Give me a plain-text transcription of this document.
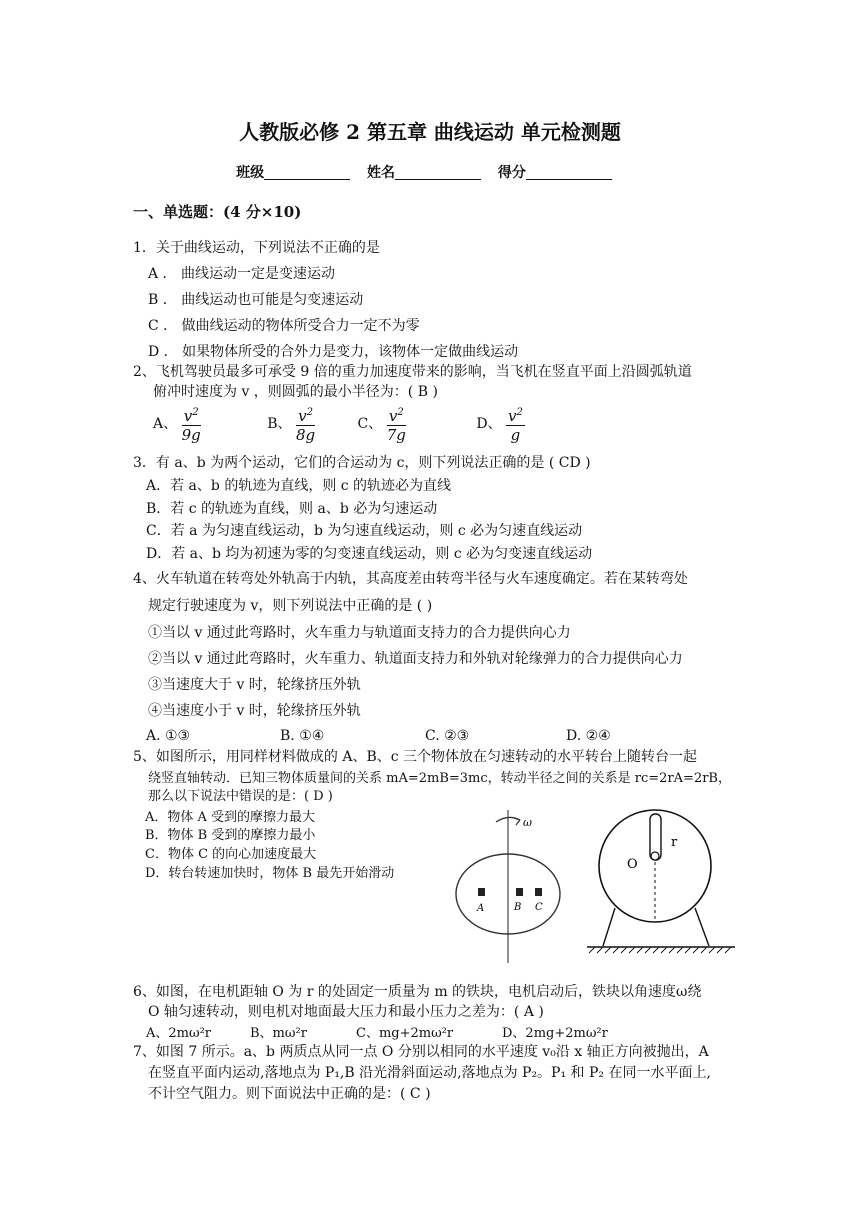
人教版必修 2 第五章 曲线运动 单元检测题
班级	姓名	得分
一、单选题：(4 分×10)
1．关于曲线运动，下列说法不正确的是
A ． 曲线运动一定是变速运动
B ． 曲线运动也可能是匀变速运动
C ． 做曲线运动的物体所受合力一定不为零
D ． 如果物体所受的合外力是变力，该物体一定做曲线运动
2、飞机驾驶员最多可承受 9 倍的重力加速度带来的影响，当飞机在竖直平面上沿圆弧轨道
俯冲时速度为 v ，则圆弧的最小半径为：( B )
A、 $\frac{v^2}{9g}$	B、 $\frac{v^2}{8g}$	C、 $\frac{v^2}{7g}$	D、 $\frac{v^2}{g}$
3．有 a、b 为两个运动，它们的合运动为 c，则下列说法正确的是 ( CD )
A．若 a、b 的轨迹为直线，则 c 的轨迹必为直线
B．若 c 的轨迹为直线，则 a、b 必为匀速运动
C．若 a 为匀速直线运动，b 为匀速直线运动，则 c 必为匀速直线运动
D．若 a、b 均为初速为零的匀变速直线运动，则 c 必为匀变速直线运动
4、火车轨道在转弯处外轨高于内轨，其高度差由转弯半径与火车速度确定。若在某转弯处
规定行驶速度为 v，则下列说法中正确的是 ( )
①当以 v 通过此弯路时，火车重力与轨道面支持力的合力提供向心力
②当以 v 通过此弯路时，火车重力、轨道面支持力和外轨对轮缘弹力的合力提供向心力
③当速度大于 v 时，轮缘挤压外轨
④当速度小于 v 时，轮缘挤压外轨
A. ①③	B. ①④	C. ②③	D. ②④
5、如图所示，用同样材料做成的 A、B、c 三个物体放在匀速转动的水平转台上随转台一起
绕竖直轴转动．已知三物体质量间的关系 mA=2mB=3mc，转动半径之间的关系是 rc=2rA=2rB，
那么以下说法中错误的是：( D )
A．物体 A 受到的摩擦力最大
B．物体 B 受到的摩擦力最小
C．物体 C 的向心加速度最大
D．转台转速加快时，物体 B 最先开始滑动
ω
A	B C
r
O
6、如图，在电机距轴 O 为 r 的处固定一质量为 m 的铁块，电机启动后，铁块以角速度ω绕
O 轴匀速转动，则电机对地面最大压力和最小压力之差为：( A )
A、2mω²r	B、mω²r	C、mg+2mω²r	D、2mg+2mω²r
7、如图 7 所示。a、b 两质点从同一点 O 分别以相同的水平速度 v₀沿 x 轴正方向被抛出，A
在竖直平面内运动,落地点为 P₁,B 沿光滑斜面运动,落地点为 P₂。P₁ 和 P₂ 在同一水平面上,
不计空气阻力。则下面说法中正确的是：( C )
